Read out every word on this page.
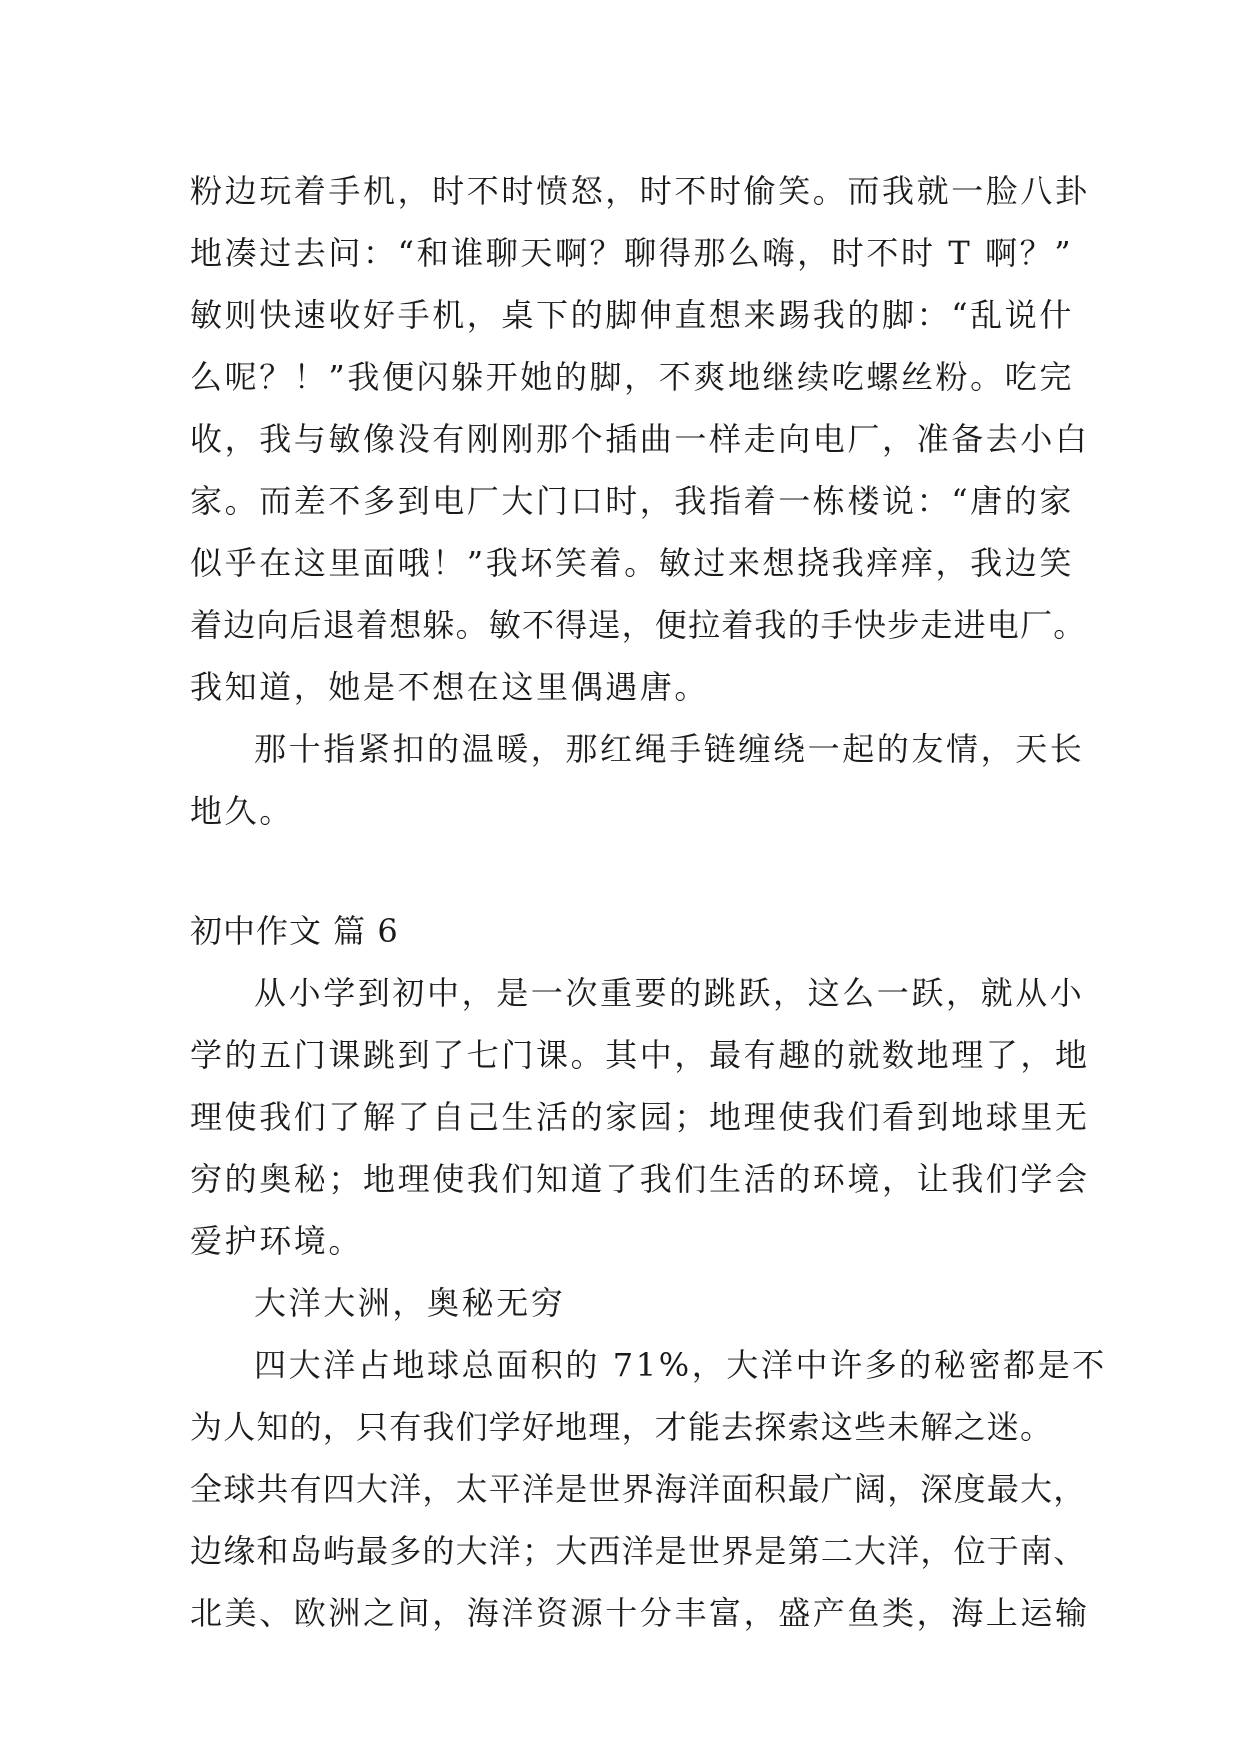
粉边玩着手机，时不时愤怒，时不时偷笑。而我就一脸八卦
地凑过去问：“和谁聊天啊？聊得那么嗨，时不时 T 啊？”
敏则快速收好手机，桌下的脚伸直想来踢我的脚：“乱说什
么呢？！”我便闪躲开她的脚，不爽地继续吃螺丝粉。吃完
收，我与敏像没有刚刚那个插曲一样走向电厂，准备去小白
家。而差不多到电厂大门口时，我指着一栋楼说：“唐的家
似乎在这里面哦！”我坏笑着。敏过来想挠我痒痒，我边笑
着边向后退着想躲。敏不得逞，便拉着我的手快步走进电厂。
我知道，她是不想在这里偶遇唐。
那十指紧扣的温暖，那红绳手链缠绕一起的友情，天长
地久。
初中作文 篇 6
从小学到初中，是一次重要的跳跃，这么一跃，就从小
学的五门课跳到了七门课。其中，最有趣的就数地理了，地
理使我们了解了自己生活的家园；地理使我们看到地球里无
穷的奥秘；地理使我们知道了我们生活的环境，让我们学会
爱护环境。
大洋大洲，奥秘无穷
四大洋占地球总面积的 71%，大洋中许多的秘密都是不
为人知的，只有我们学好地理，才能去探索这些未解之迷。
全球共有四大洋，太平洋是世界海洋面积最广阔，深度最大，
边缘和岛屿最多的大洋；大西洋是世界是第二大洋，位于南、
北美、欧洲之间，海洋资源十分丰富，盛产鱼类，海上运输
